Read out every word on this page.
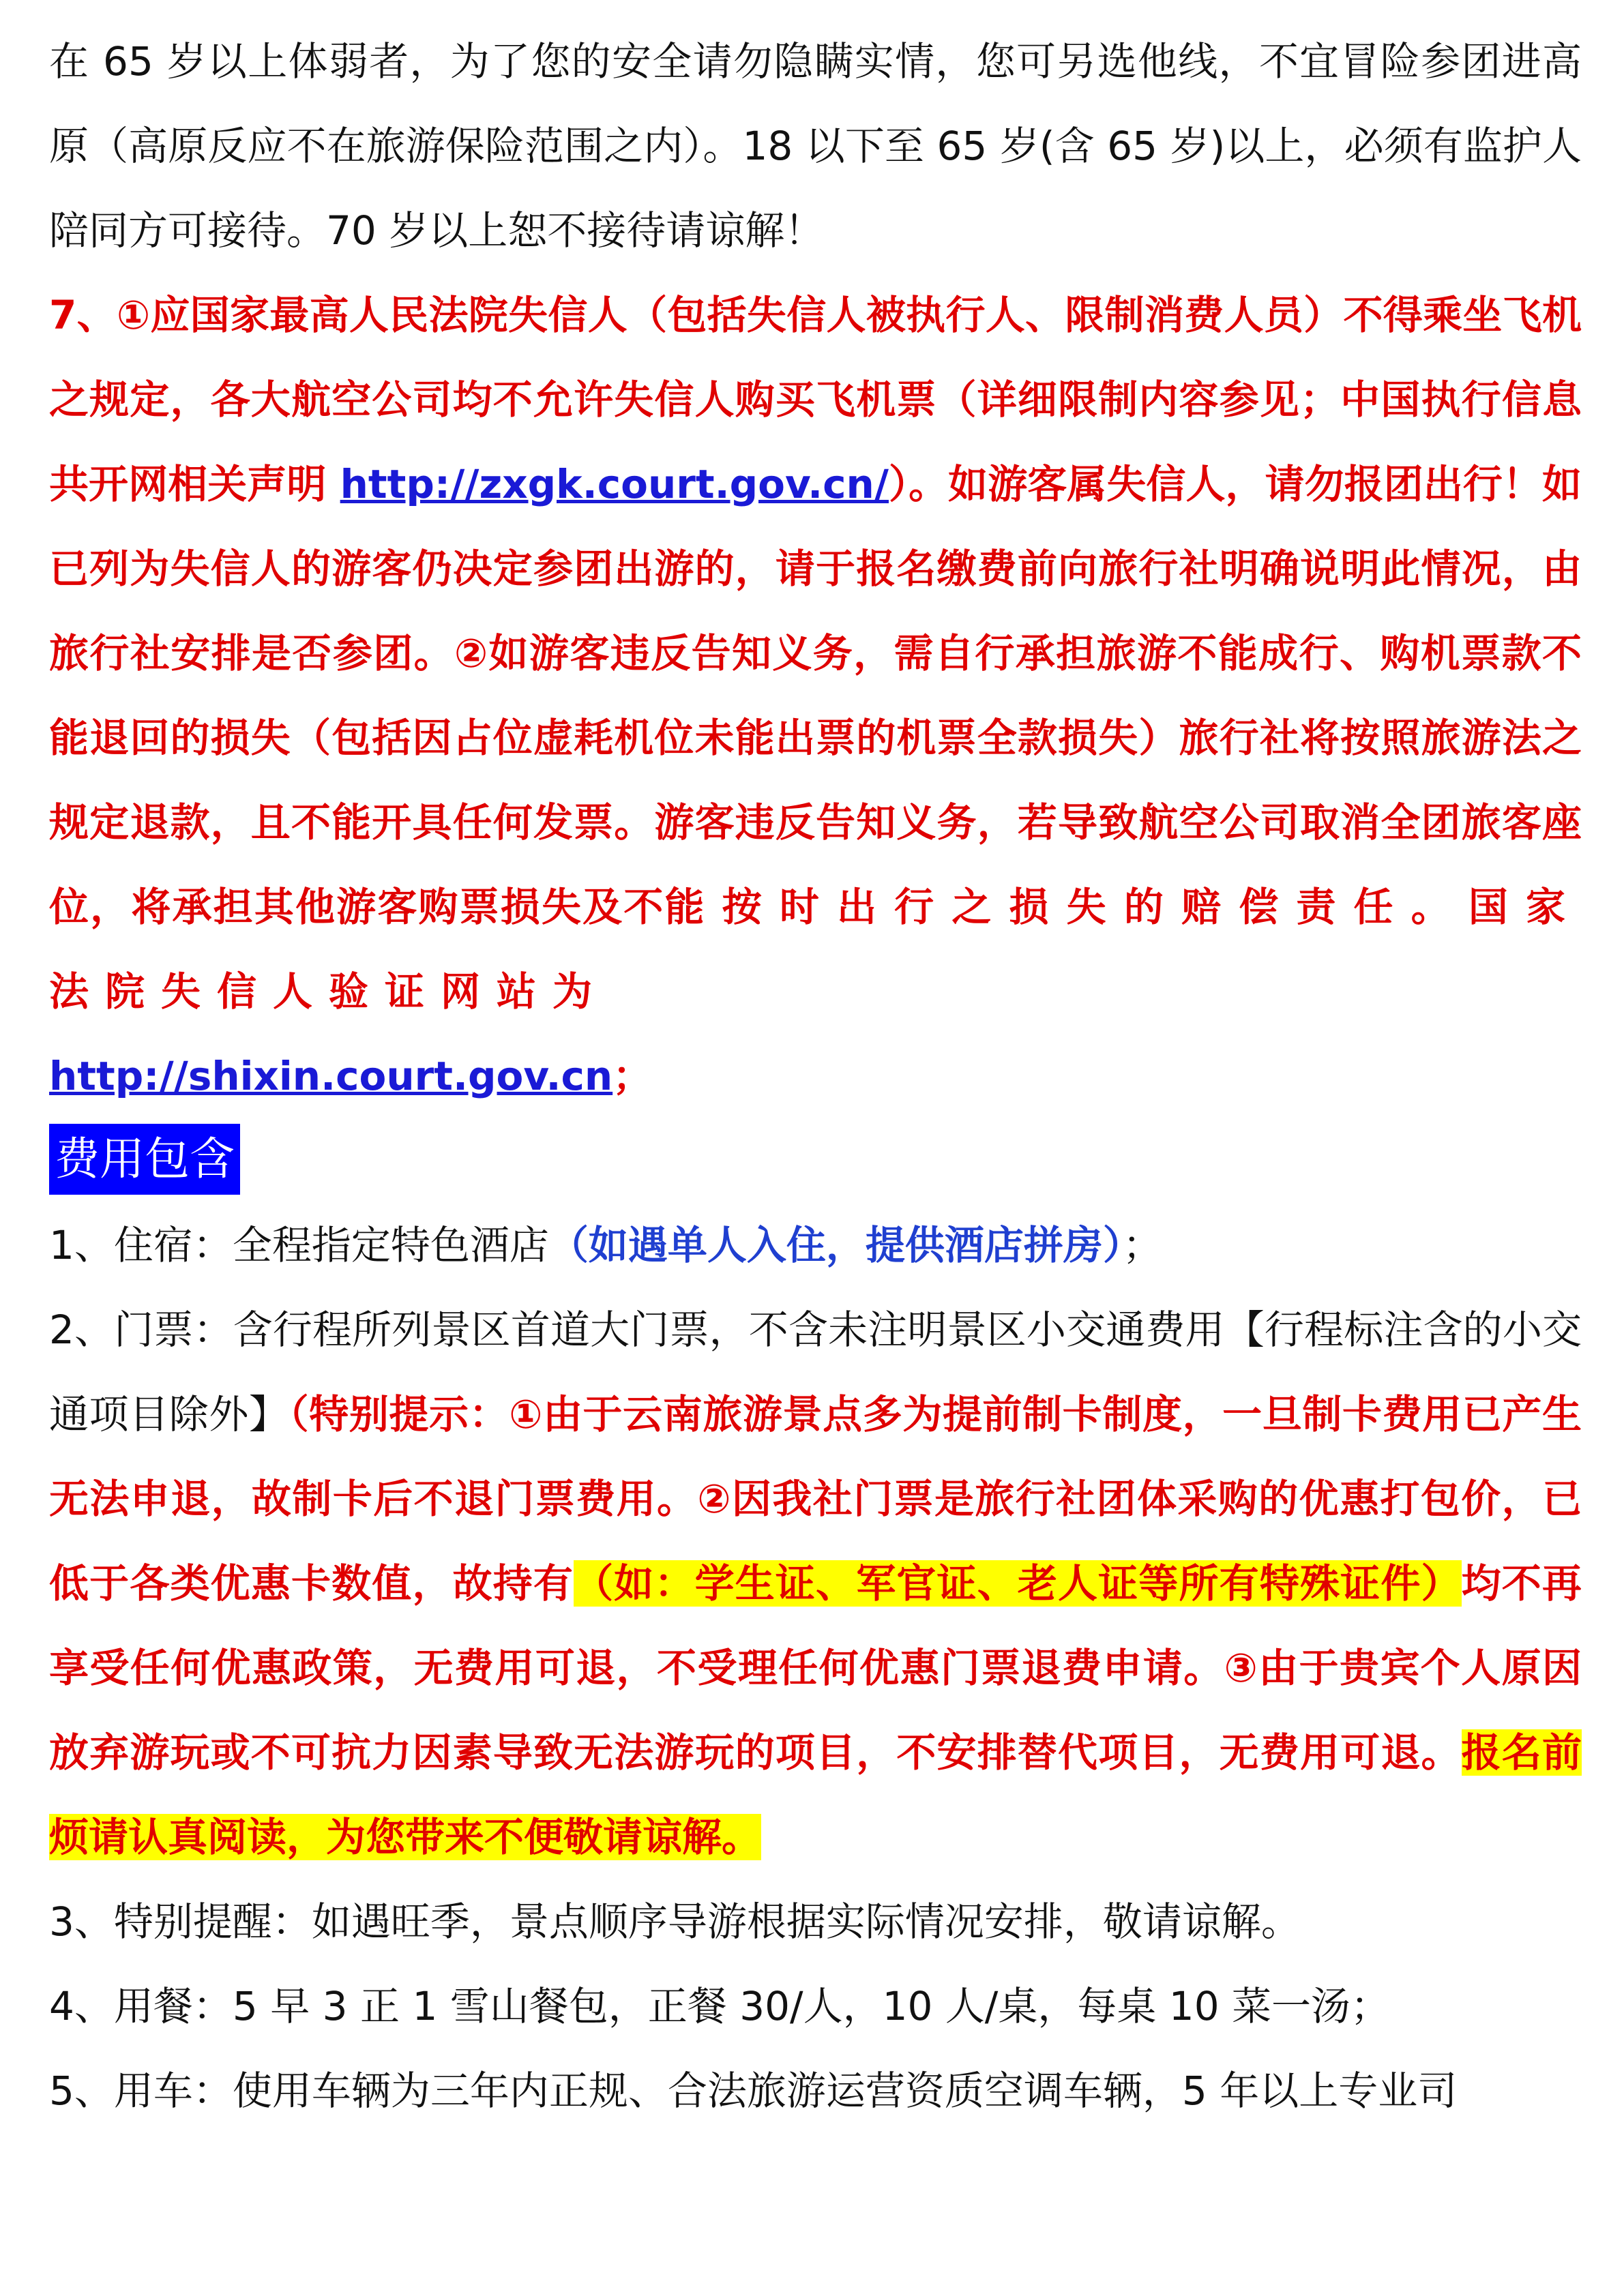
在 65 岁以上体弱者，为了您的安全请勿隐瞒实情，您可另选他线，不宜冒险参团进高原（高原反应不在旅游保险范围之内）。18 以下至 65 岁(含 65 岁)以上，必须有监护人陪同方可接待。70 岁以上恕不接待请谅解！

7、①应国家最高人民法院失信人（包括失信人被执行人、限制消费人员）不得乘坐飞机之规定，各大航空公司均不允许失信人购买飞机票（详细限制内容参见；中国执行信息共开网相关声明 http://zxgk.court.gov.cn/）。如游客属失信人，请勿报团出行！如已列为失信人的游客仍决定参团出游的，请于报名缴费前向旅行社明确说明此情况，由旅行社安排是否参团。②如游客违反告知义务，需自行承担旅游不能成行、购机票款不能退回的损失（包括因占位虚耗机位未能出票的机票全款损失）旅行社将按照旅游法之规定退款，且不能开具任何发票。游客违反告知义务，若导致航空公司取消全团旅客座位，将承担其他游客购票损失及不能按时出行之损失的赔偿责任。国家法院失信人验证网站为
http://shixin.court.gov.cn；

费用包含

1、住宿：全程指定特色酒店（如遇单人入住，提供酒店拼房）；

2、门票：含行程所列景区首道大门票，不含未注明景区小交通费用【行程标注含的小交通项目除外】（特别提示：①由于云南旅游景点多为提前制卡制度，一旦制卡费用已产生无法申退，故制卡后不退门票费用。②因我社门票是旅行社团体采购的优惠打包价，已低于各类优惠卡数值，故持有（如：学生证、军官证、老人证等所有特殊证件）均不再享受任何优惠政策，无费用可退，不受理任何优惠门票退费申请。③由于贵宾个人原因放弃游玩或不可抗力因素导致无法游玩的项目，不安排替代项目，无费用可退。报名前烦请认真阅读，为您带来不便敬请谅解。

3、特别提醒：如遇旺季，景点顺序导游根据实际情况安排，敬请谅解。

4、用餐：5 早 3 正 1 雪山餐包，正餐 30/人，10 人/桌，每桌 10 菜一汤；

5、用车：使用车辆为三年内正规、合法旅游运营资质空调车辆，5 年以上专业司
